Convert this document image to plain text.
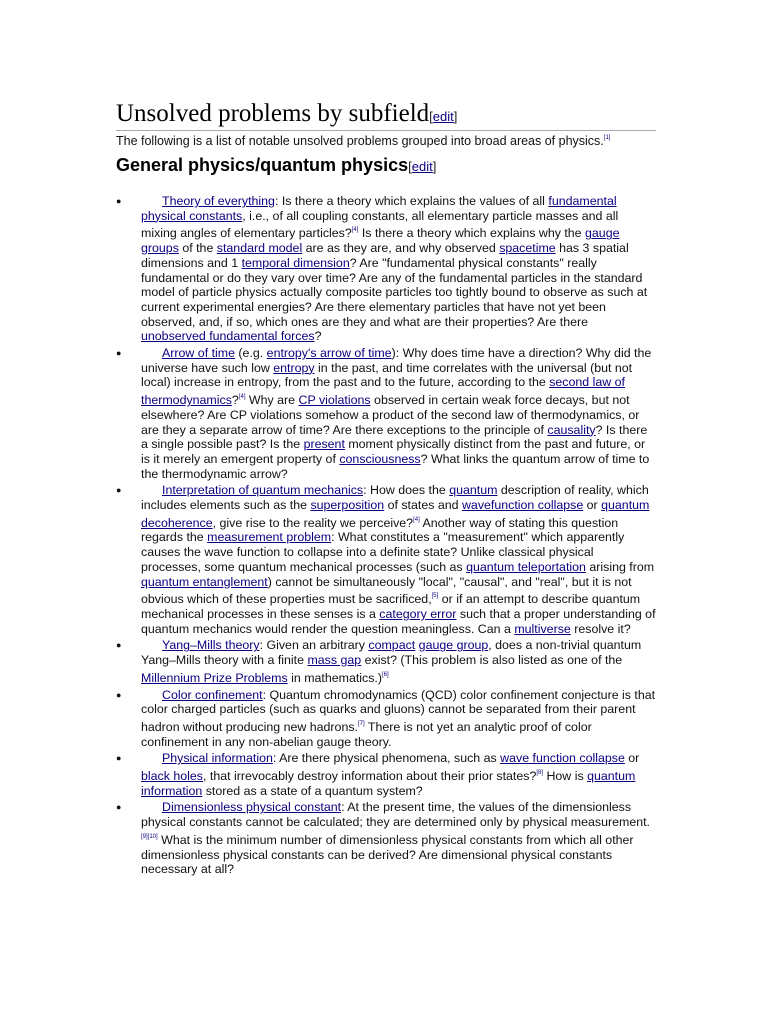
Unsolved problems by subfield[edit]
The following is a list of notable unsolved problems grouped into broad areas of physics.[1]
General physics/quantum physics[edit]
●	Theory of everything: Is there a theory which explains the values of all fundamental physical constants, i.e., of all coupling constants, all elementary particle masses and all mixing angles of elementary particles?[4] Is there a theory which explains why the gauge groups of the standard model are as they are, and why observed spacetime has 3 spatial dimensions and 1 temporal dimension? Are "fundamental physical constants" really fundamental or do they vary over time? Are any of the fundamental particles in the standard model of particle physics actually composite particles too tightly bound to observe as such at current experimental energies? Are there elementary particles that have not yet been observed, and, if so, which ones are they and what are their properties? Are there unobserved fundamental forces?
●	Arrow of time (e.g. entropy's arrow of time): Why does time have a direction? Why did the universe have such low entropy in the past, and time correlates with the universal (but not local) increase in entropy, from the past and to the future, according to the second law of thermodynamics?[4] Why are CP violations observed in certain weak force decays, but not elsewhere? Are CP violations somehow a product of the second law of thermodynamics, or are they a separate arrow of time? Are there exceptions to the principle of causality? Is there a single possible past? Is the present moment physically distinct from the past and future, or is it merely an emergent property of consciousness? What links the quantum arrow of time to the thermodynamic arrow?
●	Interpretation of quantum mechanics: How does the quantum description of reality, which includes elements such as the superposition of states and wavefunction collapse or quantum decoherence, give rise to the reality we perceive?[4] Another way of stating this question regards the measurement problem: What constitutes a "measurement" which apparently causes the wave function to collapse into a definite state? Unlike classical physical processes, some quantum mechanical processes (such as quantum teleportation arising from quantum entanglement) cannot be simultaneously "local", "causal", and "real", but it is not obvious which of these properties must be sacrificed,[5] or if an attempt to describe quantum mechanical processes in these senses is a category error such that a proper understanding of quantum mechanics would render the question meaningless. Can a multiverse resolve it?
●	Yang–Mills theory: Given an arbitrary compact gauge group, does a non-trivial quantum Yang–Mills theory with a finite mass gap exist? (This problem is also listed as one of the Millennium Prize Problems in mathematics.)[6]
●	Color confinement: Quantum chromodynamics (QCD) color confinement conjecture is that color charged particles (such as quarks and gluons) cannot be separated from their parent hadron without producing new hadrons.[7] There is not yet an analytic proof of color confinement in any non-abelian gauge theory.
●	Physical information: Are there physical phenomena, such as wave function collapse or black holes, that irrevocably destroy information about their prior states?[8] How is quantum information stored as a state of a quantum system?
●	Dimensionless physical constant: At the present time, the values of the dimensionless physical constants cannot be calculated; they are determined only by physical measurement.[9][10] What is the minimum number of dimensionless physical constants from which all other dimensionless physical constants can be derived? Are dimensional physical constants necessary at all?
